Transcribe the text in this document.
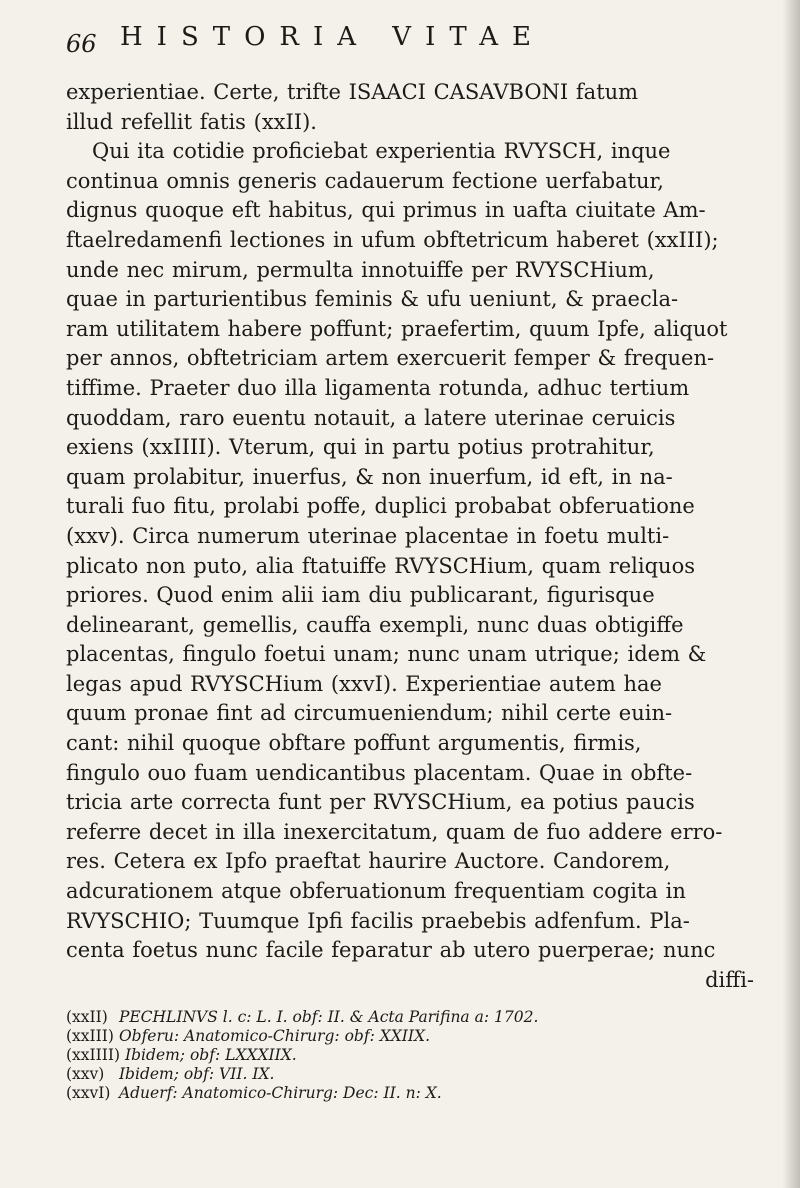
66 HISTORIA VITAE

experientiae. Certe, trifte ISAACI CASAVBONI fatum

illud refellit fatis (xxII).

Qui ita cotidie proficiebat experientia RVYSCH, inque

continua omnis generis cadauerum fectione uerfabatur,

dignus quoque eft habitus, qui primus in uafta ciuitate Am-

ftaelredamenfi lectiones in ufum obftetricum haberet (xxIII);

unde nec mirum, permulta innotuiffe per RVYSCHium,

quae in parturientibus feminis & ufu ueniunt, & praecla-

ram utilitatem habere poffunt; praefertim, quum Ipfe, aliquot

per annos, obftetriciam artem exercuerit femper & frequen-

tiffime. Praeter duo illa ligamenta rotunda, adhuc tertium

quoddam, raro euentu notauit, a latere uterinae ceruicis

exiens (xxIIII). Vterum, qui in partu potius protrahitur,

quam prolabitur, inuerfus, & non inuerfum, id eft, in na-

turali fuo fitu, prolabi poffe, duplici probabat obferuatione

(xxv). Circa numerum uterinae placentae in foetu multi-

plicato non puto, alia ftatuiffe RVYSCHium, quam reliquos

priores. Quod enim alii iam diu publicarant, figurisque

delinearant, gemellis, cauffa exempli, nunc duas obtigiffe

placentas, fingulo foetui unam; nunc unam utrique; idem &

legas apud RVYSCHium (xxvI). Experientiae autem hae

quum pronae fint ad circumueniendum; nihil certe euin-

cant: nihil quoque obftare poffunt argumentis, firmis,

fingulo ouo fuam uendicantibus placentam. Quae in obfte-

tricia arte correcta funt per RVYSCHium, ea potius paucis

referre decet in illa inexercitatum, quam de fuo addere erro-

res. Cetera ex Ipfo praeftat haurire Auctore. Candorem,

adcurationem atque obferuationum frequentiam cogita in

RVYSCHIO; Tuumque Ipfi facilis praebebis adfenfum. Pla-

centa foetus nunc facile feparatur ab utero puerperae; nunc

diffi-

(xxII) PECHLINVS l. c: L. I. obf: II. & Acta Parifina a: 1702.
(xxIII) Obferu: Anatomico-Chirurg: obf: XXIIX.
(xxIIII) Ibidem; obf: LXXXIIX.
(xxv) Ibidem; obf: VII. IX.
(xxvI) Aduerf: Anatomico-Chirurg: Dec: II. n: X.
